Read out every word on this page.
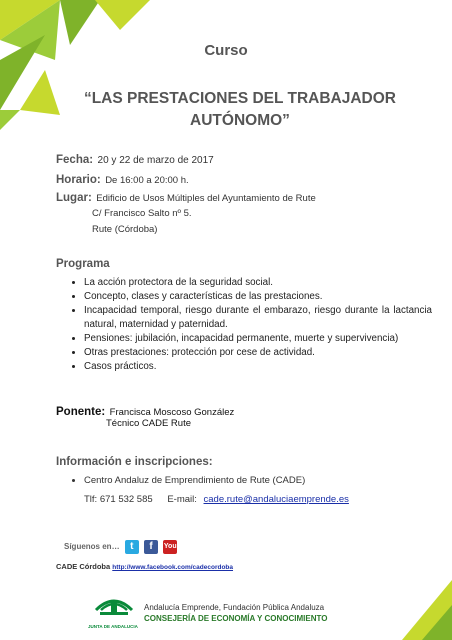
Curso
“LAS PRESTACIONES DEL TRABAJADOR
AUTÓNOMO”
Fecha: 20 y 22 de marzo de 2017
Horario: De 16:00 a 20:00 h.
Lugar: Edificio de Usos Múltiples del Ayuntamiento de Rute
C/ Francisco Salto nº 5.
Rute (Córdoba)
Programa
• La acción protectora de la seguridad social.
• Concepto, clases y características de las prestaciones.
• Incapacidad temporal, riesgo durante el embarazo, riesgo durante la lactancia natural, maternidad y paternidad.
• Pensiones: jubilación, incapacidad permanente, muerte y supervivencia)
• Otras prestaciones: protección por cese de actividad.
• Casos prácticos.
Ponente: Francisca Moscoso González
Técnico CADE Rute
Información e inscripciones:
• Centro Andaluz de Emprendimiento de Rute (CADE)
Tlf: 671 532 585 E-mail: cade.rute@andaluciaemprende.es
Síguenos en… t f You
CADE Córdoba http://www.facebook.com/cadecordoba
JUNTA DE ANDALUCIA
Andalucía Emprende, Fundación Pública Andaluza
CONSEJERÍA DE ECONOMÍA Y CONOCIMIENTO
